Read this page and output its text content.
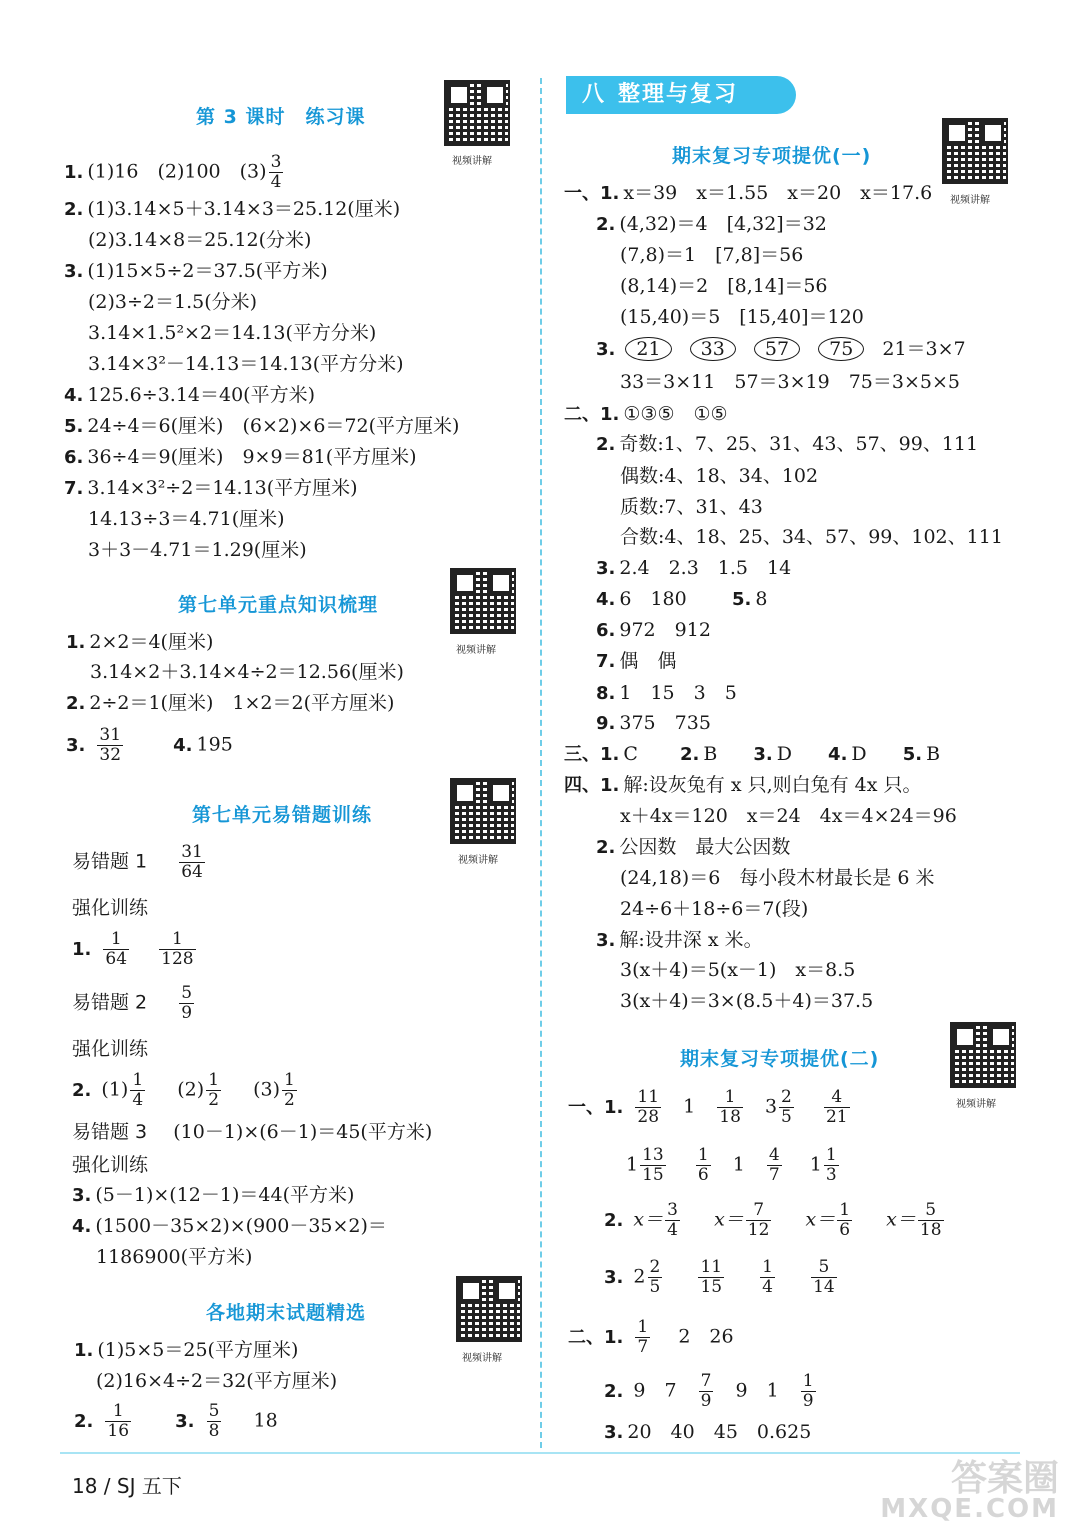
第 3 课时　练习课
视频讲解
1. (1)16　(2)100　$(3) \frac{3}{4}$
2. (1)3.14×5＋3.14×3＝25.12(厘米)
(2)3.14×8＝25.12(分米)
3. (1)15×5÷2＝37.5(平方米)
(2)3÷2＝1.5(分米)
3.14×1.5²×2＝14.13(平方分米)
3.14×3²－14.13＝14.13(平方分米)
4. 125.6÷3.14＝40(平方米)
5. 24÷4＝6(厘米)　(6×2)×6＝72(平方厘米)
6. 36÷4＝9(厘米)　9×9＝81(平方厘米)
7. 3.14×3²÷2＝14.13(平方厘米)
14.13÷3＝4.71(厘米)
3＋3－4.71＝1.29(厘米)
第七单元重点知识梳理
视频讲解
1. 2×2＝4(厘米)
3.14×2＋3.14×4÷2＝12.56(厘米)
2. 2÷2＝1(厘米)　1×2＝2(平方厘米)
3. $\frac{31}{32}$	4. 195
第七单元易错题训练
视频讲解
易错题 $1 \frac{31}{64}$
强化训练
1. $\frac{1}{64}$
$\frac{1}{128}$
易错题 $2 \frac{5}{9}$
强化训练
2. $(1) \frac{1}{4} (2) \frac{1}{2} (3) \frac{1}{2}$
易错题 3 (10－1)×(6－1)＝45(平方米)
强化训练
3. (5－1)×(12－1)＝44(平方米)
4. (1500－35×2)×(900－35×2)＝
1186900(平方米)
各地期末试题精选
视频讲解
1. (1)5×5＝25(平方厘米)
(2)16×4÷2＝32(平方厘米)
2. $\frac{1}{16} 3$. $\frac{5}{8} 18$
八 整理与复习
期末复习专项提优(一)
视频讲解
一、1. x＝39　x＝1.55　x＝20　x＝17.6
2. (4,32)＝4　[4,32]＝32
(7,8)＝1　[7,8]＝56
(8,14)＝2　[8,14]＝56
(15,40)＝5　[15,40]＝120
3. 21 33 57 75 21＝3×7
33＝3×11　57＝3×19　75＝3×5×5
二、1. ①③⑤　①⑤
2. 奇数:1、7、25、31、43、57、99、111
偶数:4、18、34、102
质数:7、31、43
合数:4、18、25、34、57、99、102、111
3. 2.4　2.3　1.5　14
4. 6　180　
6. 972　912
7. 偶　偶
8. 1　15　3　5
9. 375　735
三、1. C　
四、1. 解:设灰兔有 x 只,则白兔有 4x 只。
x＋4x＝120　x＝24　4x＝4×24＝96
2. 公因数　最大公因数
(24,18)＝6　每小段木材最长是 6 米
24÷6＋18÷6＝7(段)
3. 解:设井深 x 米。
3(x＋4)＝5(x－1)　x＝8.5
3(x＋4)＝3×(8.5＋4)＝37.5
5. 8
2. B 3. D 4. D 5. B
期末复习专项提优(二)
视频讲解
一、1. $\frac{11}{28} 1 \frac{1}{18} 3 \frac{2}{5}$
$\frac{4}{21}$
$1 \frac{13}{15}$
$\frac{1}{6} 1 \frac{4}{7} 1 \frac{1}{3}$
2. $x= \frac{3}{4} x= \frac{7}{12} x= \frac{1}{6} x= \frac{5}{18}$
3. $2 \frac{2}{5}$
$\frac{11}{15}$
$\frac{1}{4}$
$\frac{5}{14}$
二、1. $\frac{1}{7} 2$　26
2. 9　$7 \frac{7}{9} 9$　$1 \frac{1}{9}$
3. 20　40　45　0.625
18 / SJ 五下	答案圈
MXQE.COM
